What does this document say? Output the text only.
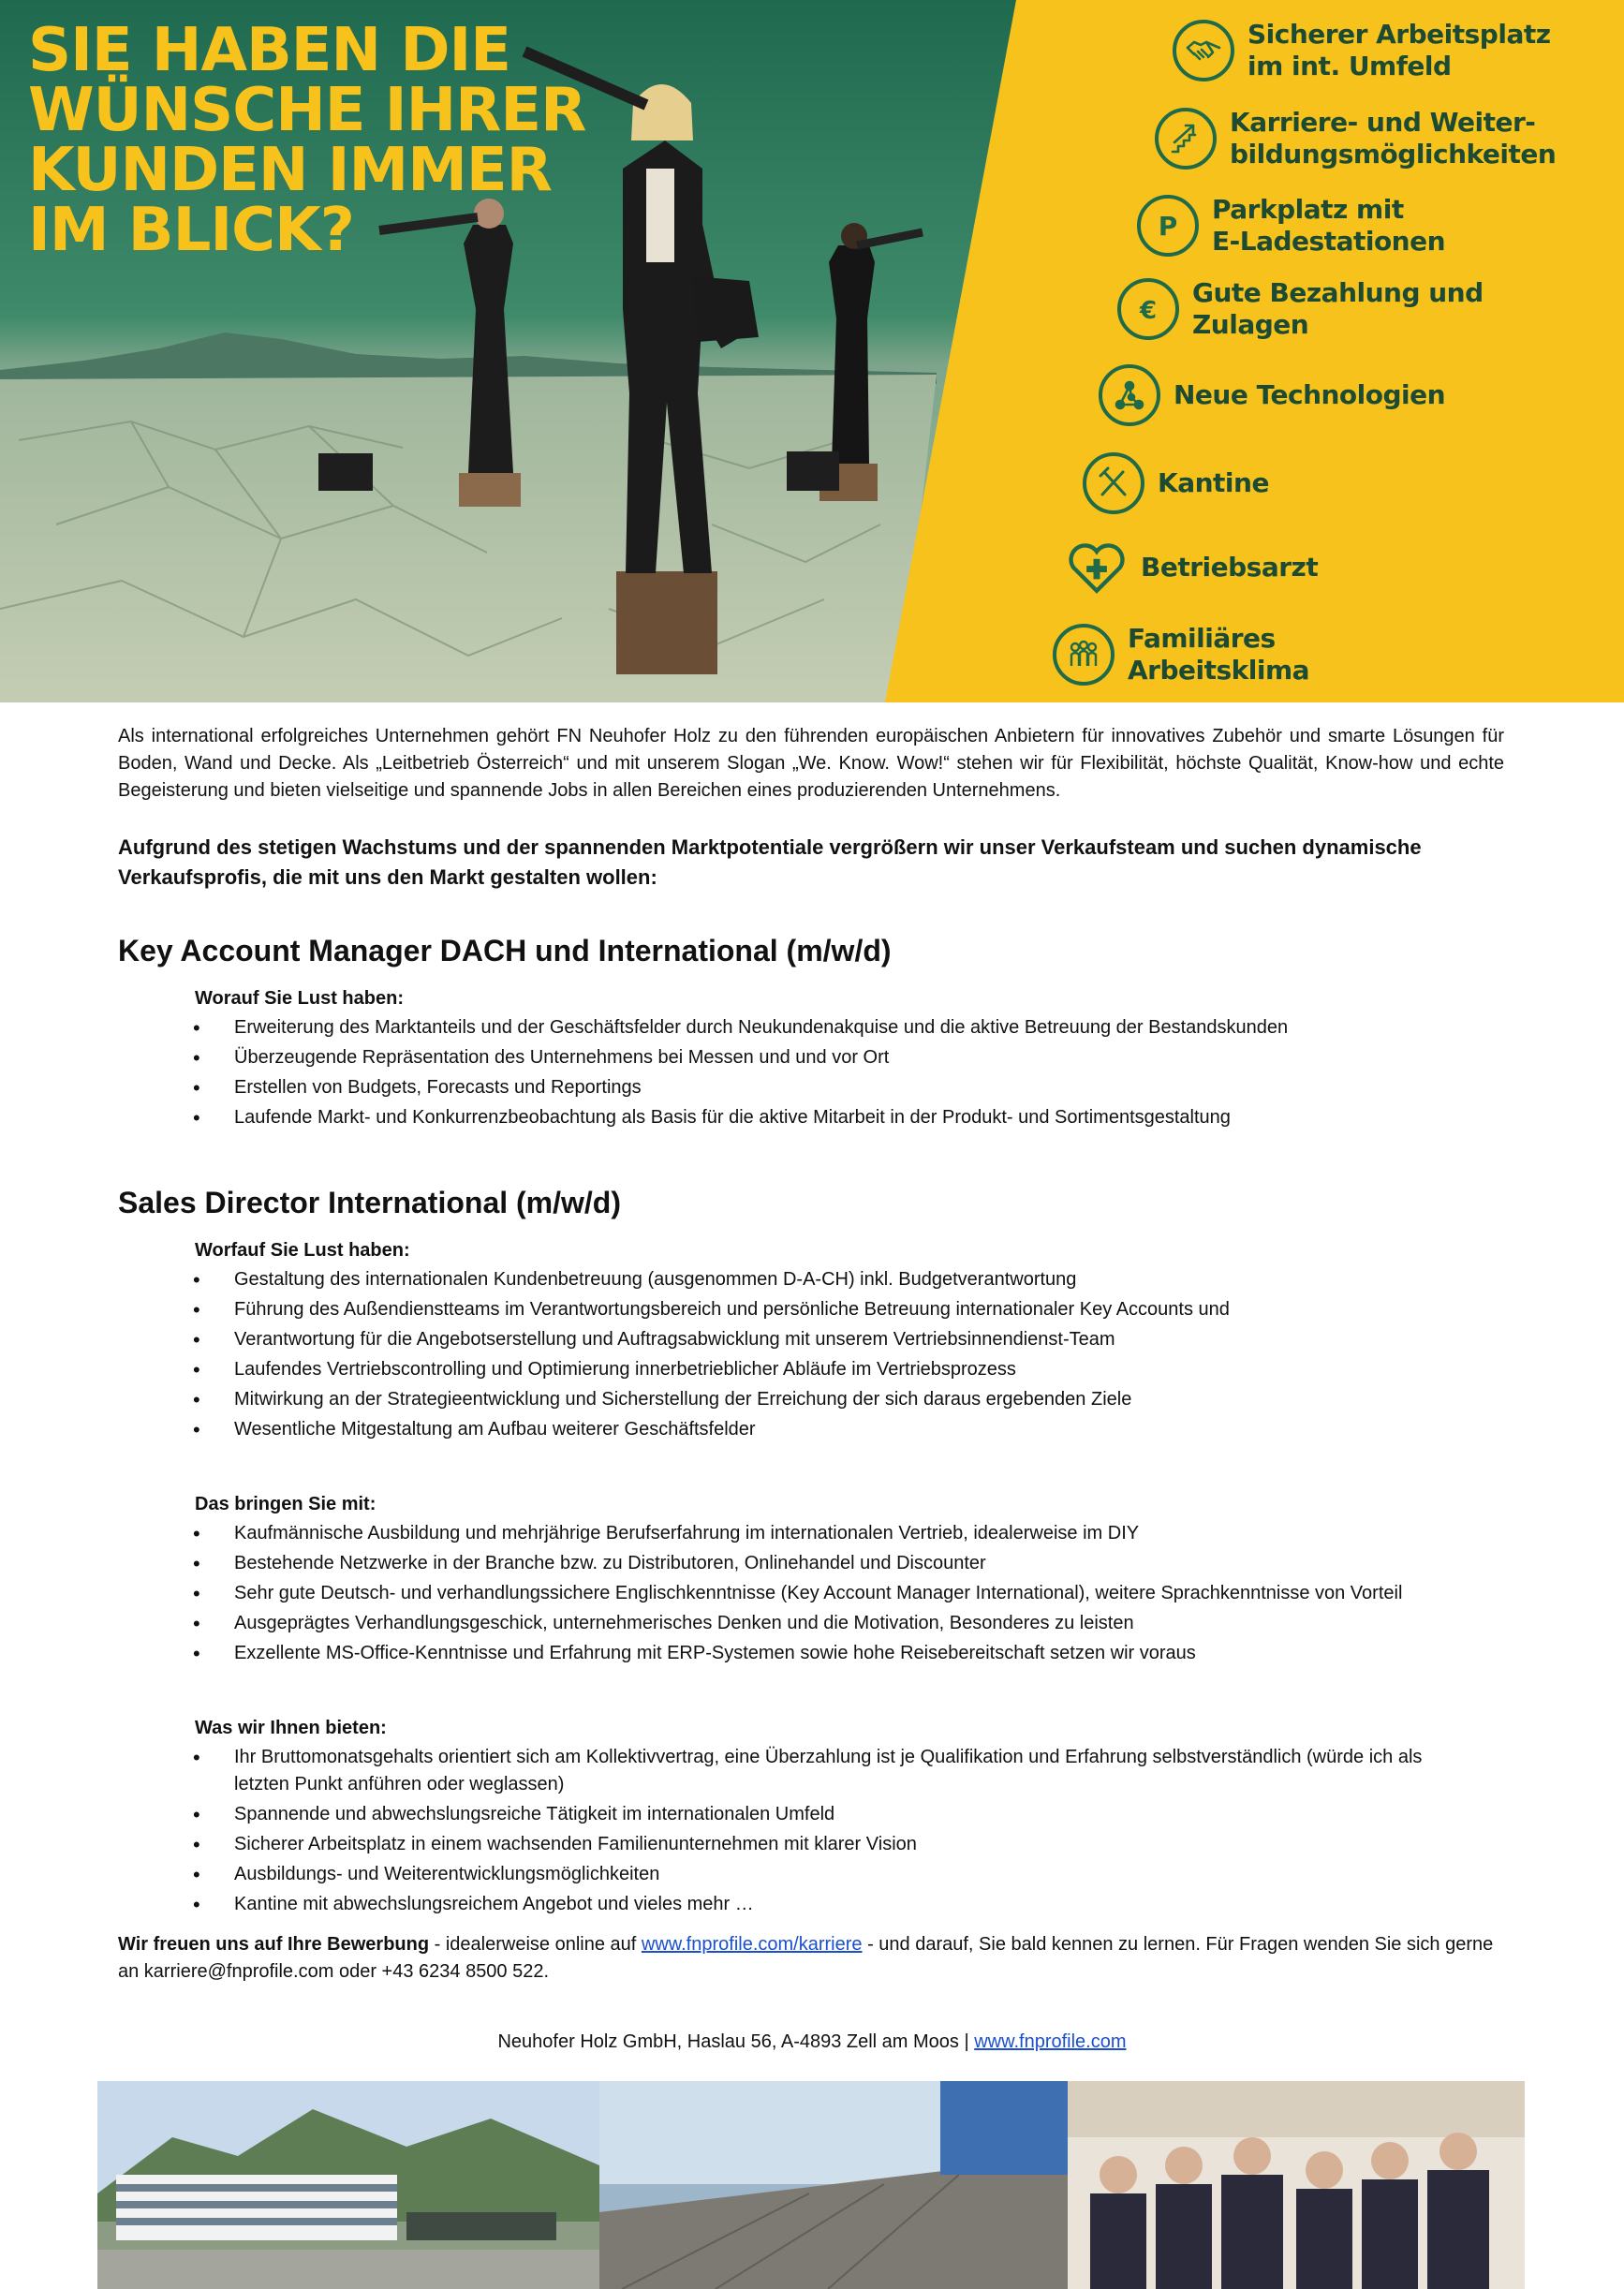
SIE HABEN DIE
WÜNSCHE IHRER
KUNDEN IMMER
IM BLICK?
Sicherer Arbeitsplatz
im int. Umfeld
Karriere- und Weiter-
bildungsmöglichkeiten
P
Parkplatz mit
E-Ladestationen
€
Gute Bezahlung und
Zulagen
Neue Technologien
Kantine
Betriebsarzt
Familiäres
Arbeitsklima

Als international erfolgreiches Unternehmen gehört FN Neuhofer Holz zu den führenden europäischen Anbietern für innovatives Zubehör und smarte Lösungen für Boden, Wand und Decke. Als „Leitbetrieb Österreich“ und mit unserem Slogan „We. Know. Wow!“ stehen wir für Flexibilität, höchste Qualität, Know-how und echte Begeisterung und bieten vielseitige und spannende Jobs in allen Bereichen eines produzierenden Unternehmens.

Aufgrund des stetigen Wachstums und der spannenden Marktpotentiale vergrößern wir unser Verkaufsteam und suchen dynamische Verkaufsprofis, die mit uns den Markt gestalten wollen:

Key Account Manager DACH und International (m/w/d)

Worauf Sie Lust haben:

• Erweiterung des Marktanteils und der Geschäftsfelder durch Neukundenakquise und die aktive Betreuung der Bestandskunden
• Überzeugende Repräsentation des Unternehmens bei Messen und und vor Ort
• Erstellen von Budgets, Forecasts und Reportings
• Laufende Markt- und Konkurrenzbeobachtung als Basis für die aktive Mitarbeit in der Produkt- und Sortimentsgestaltung
Sales Director International (m/w/d)

Worfauf Sie Lust haben:

• Gestaltung des internationalen Kundenbetreuung (ausgenommen D-A-CH) inkl. Budgetverantwortung
• Führung des Außendienstteams im Verantwortungsbereich und persönliche Betreuung internationaler Key Accounts und
• Verantwortung für die Angebotserstellung und Auftragsabwicklung mit unserem Vertriebsinnendienst-Team
• Laufendes Vertriebscontrolling und Optimierung innerbetrieblicher Abläufe im Vertriebsprozess
• Mitwirkung an der Strategieentwicklung und Sicherstellung der Erreichung der sich daraus ergebenden Ziele
• Wesentliche Mitgestaltung am Aufbau weiterer Geschäftsfelder

Das bringen Sie mit:

• Kaufmännische Ausbildung und mehrjährige Berufserfahrung im internationalen Vertrieb, idealerweise im DIY
• Bestehende Netzwerke in der Branche bzw. zu Distributoren, Onlinehandel und Discounter
• Sehr gute Deutsch- und verhandlungssichere Englischkenntnisse (Key Account Manager International), weitere Sprachkenntnisse von Vorteil
• Ausgeprägtes Verhandlungsgeschick, unternehmerisches Denken und die Motivation, Besonderes zu leisten
• Exzellente MS-Office-Kenntnisse und Erfahrung mit ERP-Systemen sowie hohe Reisebereitschaft setzen wir voraus

Was wir Ihnen bieten:

• Ihr Bruttomonatsgehalts orientiert sich am Kollektivvertrag, eine Überzahlung ist je Qualifikation und Erfahrung selbstverständlich (würde ich als letzten Punkt anführen oder weglassen)
• Spannende und abwechslungsreiche Tätigkeit im internationalen Umfeld
• Sicherer Arbeitsplatz in einem wachsenden Familienunternehmen mit klarer Vision
• Ausbildungs- und Weiterentwicklungsmöglichkeiten
• Kantine mit abwechslungsreichem Angebot und vieles mehr …

Wir freuen uns auf Ihre Bewerbung - idealerweise online auf www.fnprofile.com/karriere - und darauf, Sie bald kennen zu lernen. Für Fragen wenden Sie sich gerne an karriere@fnprofile.com oder +43 6234 8500 522.

Neuhofer Holz GmbH, Haslau 56, A-4893 Zell am Moos | www.fnprofile.com
